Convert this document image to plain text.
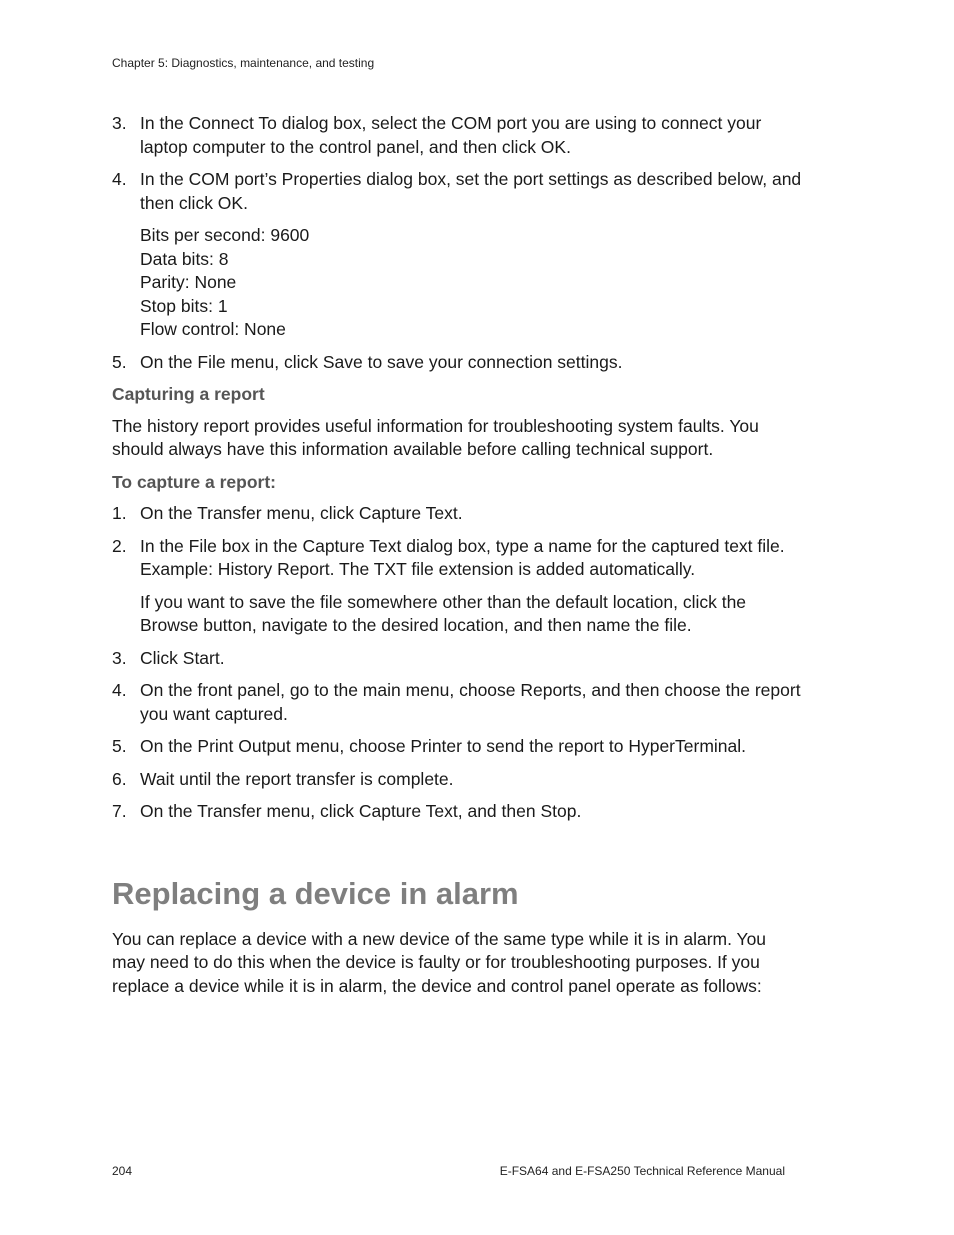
Chapter 5: Diagnostics, maintenance, and testing
3. In the Connect To dialog box, select the COM port you are using to connect your laptop computer to the control panel, and then click OK.
4. In the COM port’s Properties dialog box, set the port settings as described below, and then click OK.
Bits per second: 9600
Data bits: 8
Parity: None
Stop bits: 1
Flow control: None
5. On the File menu, click Save to save your connection settings.
Capturing a report
The history report provides useful information for troubleshooting system faults. You should always have this information available before calling technical support.
To capture a report:
1. On the Transfer menu, click Capture Text.
2. In the File box in the Capture Text dialog box, type a name for the captured text file. Example: History Report. The TXT file extension is added automatically.
If you want to save the file somewhere other than the default location, click the Browse button, navigate to the desired location, and then name the file.
3. Click Start.
4. On the front panel, go to the main menu, choose Reports, and then choose the report you want captured.
5. On the Print Output menu, choose Printer to send the report to HyperTerminal.
6. Wait until the report transfer is complete.
7. On the Transfer menu, click Capture Text, and then Stop.
Replacing a device in alarm
You can replace a device with a new device of the same type while it is in alarm. You may need to do this when the device is faulty or for troubleshooting purposes. If you replace a device while it is in alarm, the device and control panel operate as follows:
204	E-FSA64 and E-FSA250 Technical Reference Manual
